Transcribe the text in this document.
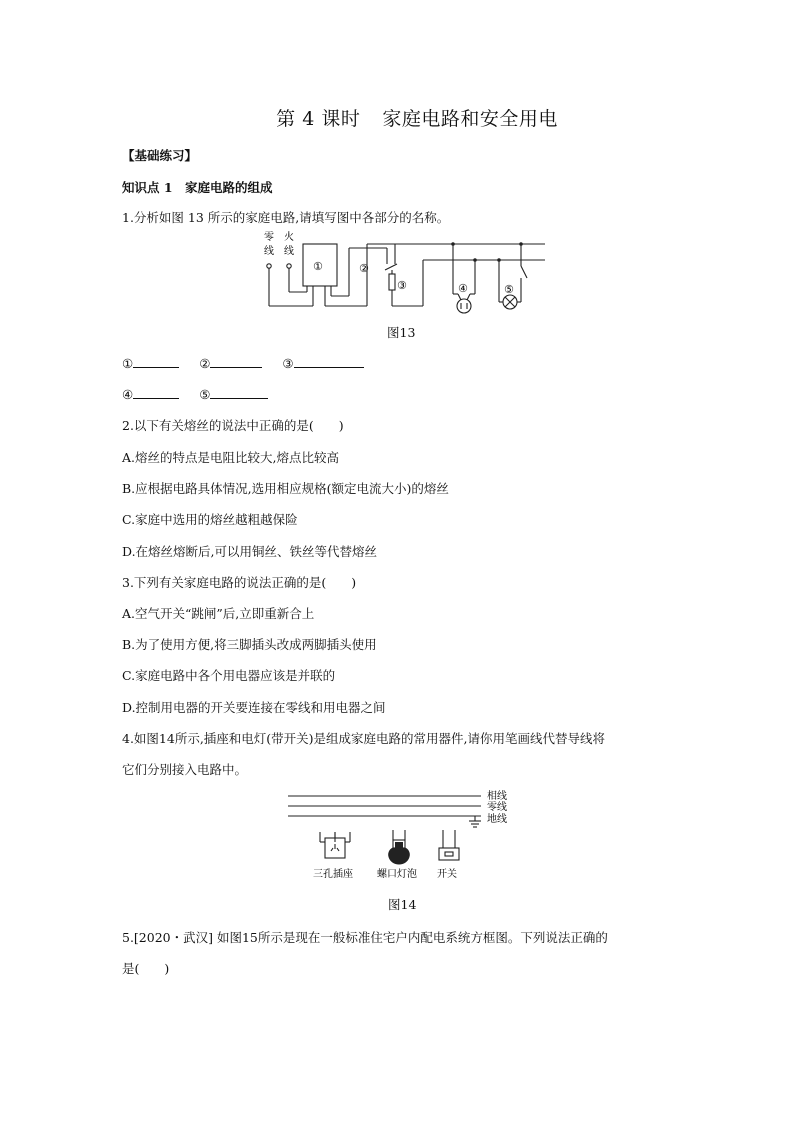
第 4 课时 家庭电路和安全用电
【基础练习】
知识点 1　家庭电路的组成
1.分析如图 13 所示的家庭电路,请填写图中各部分的名称。
零
线
火
线
①	②
③	④	⑤
图13
①	②	③
④	⑤
2.以下有关熔丝的说法中正确的是(　　)
A.熔丝的特点是电阻比较大,熔点比较高
B.应根据电路具体情况,选用相应规格(额定电流大小)的熔丝
C.家庭中选用的熔丝越粗越保险
D.在熔丝熔断后,可以用铜丝、铁丝等代替熔丝
3.下列有关家庭电路的说法正确的是(　　)
A.空气开关“跳闸”后,立即重新合上
B.为了使用方便,将三脚插头改成两脚插头使用
C.家庭电路中各个用电器应该是并联的
D.控制用电器的开关要连接在零线和用电器之间
4.如图14所示,插座和电灯(带开关)是组成家庭电路的常用器件,请你用笔画线代替导线将
它们分别接入电路中。
相线
零线
地线
三孔插座 螺口灯泡 开关
图14
5.[2020・武汉] 如图15所示是现在一般标准住宅户内配电系统方框图。下列说法正确的
是(　　)
